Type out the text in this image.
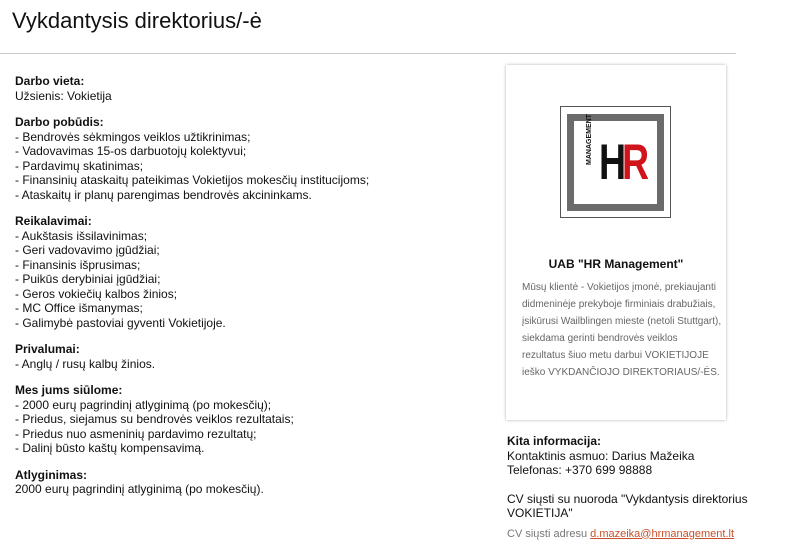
Vykdantysis direktorius/-ė
Darbo vieta:
Užsienis: Vokietija
Darbo pobūdis:
- Bendrovės sėkmingos veiklos užtikrinimas;
- Vadovavimas 15-os darbuotojų kolektyvui;
- Pardavimų skatinimas;
- Finansinių ataskaitų pateikimas Vokietijos mokesčių institucijoms;
- Ataskaitų ir planų parengimas bendrovės akcininkams.
Reikalavimai:
- Aukštasis išsilavinimas;
- Geri vadovavimo įgūdžiai;
- Finansinis išprusimas;
- Puikūs derybiniai įgūdžiai;
- Geros vokiečių kalbos žinios;
- MC Office išmanymas;
- Galimybė pastoviai gyventi Vokietijoje.
Privalumai:
- Anglų / rusų kalbų žinios.
Mes jums siūlome:
- 2000 eurų pagrindinį atlyginimą (po mokesčių);
- Priedus, siejamus su bendrovės veiklos rezultatais;
- Priedus nuo asmeninių pardavimo rezultatų;
- Dalinį būsto kaštų kompensavimą.
Atlyginimas:
2000 eurų pagrindinį atlyginimą (po mokesčių).
MANAGEMENT H
R
UAB "HR Management"
Mūsų klientė - Vokietijos įmonė, prekiaujanti didmeninėje prekyboje firminiais drabužiais, įsikūrusi Wailblingen mieste (netoli Stuttgart), siekdama gerinti bendrovės veiklos rezultatus šiuo metu darbui VOKIETIJOJE ieško VYKDANČIOJO DIREKTORIAUS/-ĖS.
Kita informacija:
Kontaktinis asmuo: Darius Mažeika
Telefonas: +370 699 98888
CV siųsti su nuoroda "Vykdantysis direktorius VOKIETIJA"
CV siųsti adresu d.mazeika@hrmanagement.lt
